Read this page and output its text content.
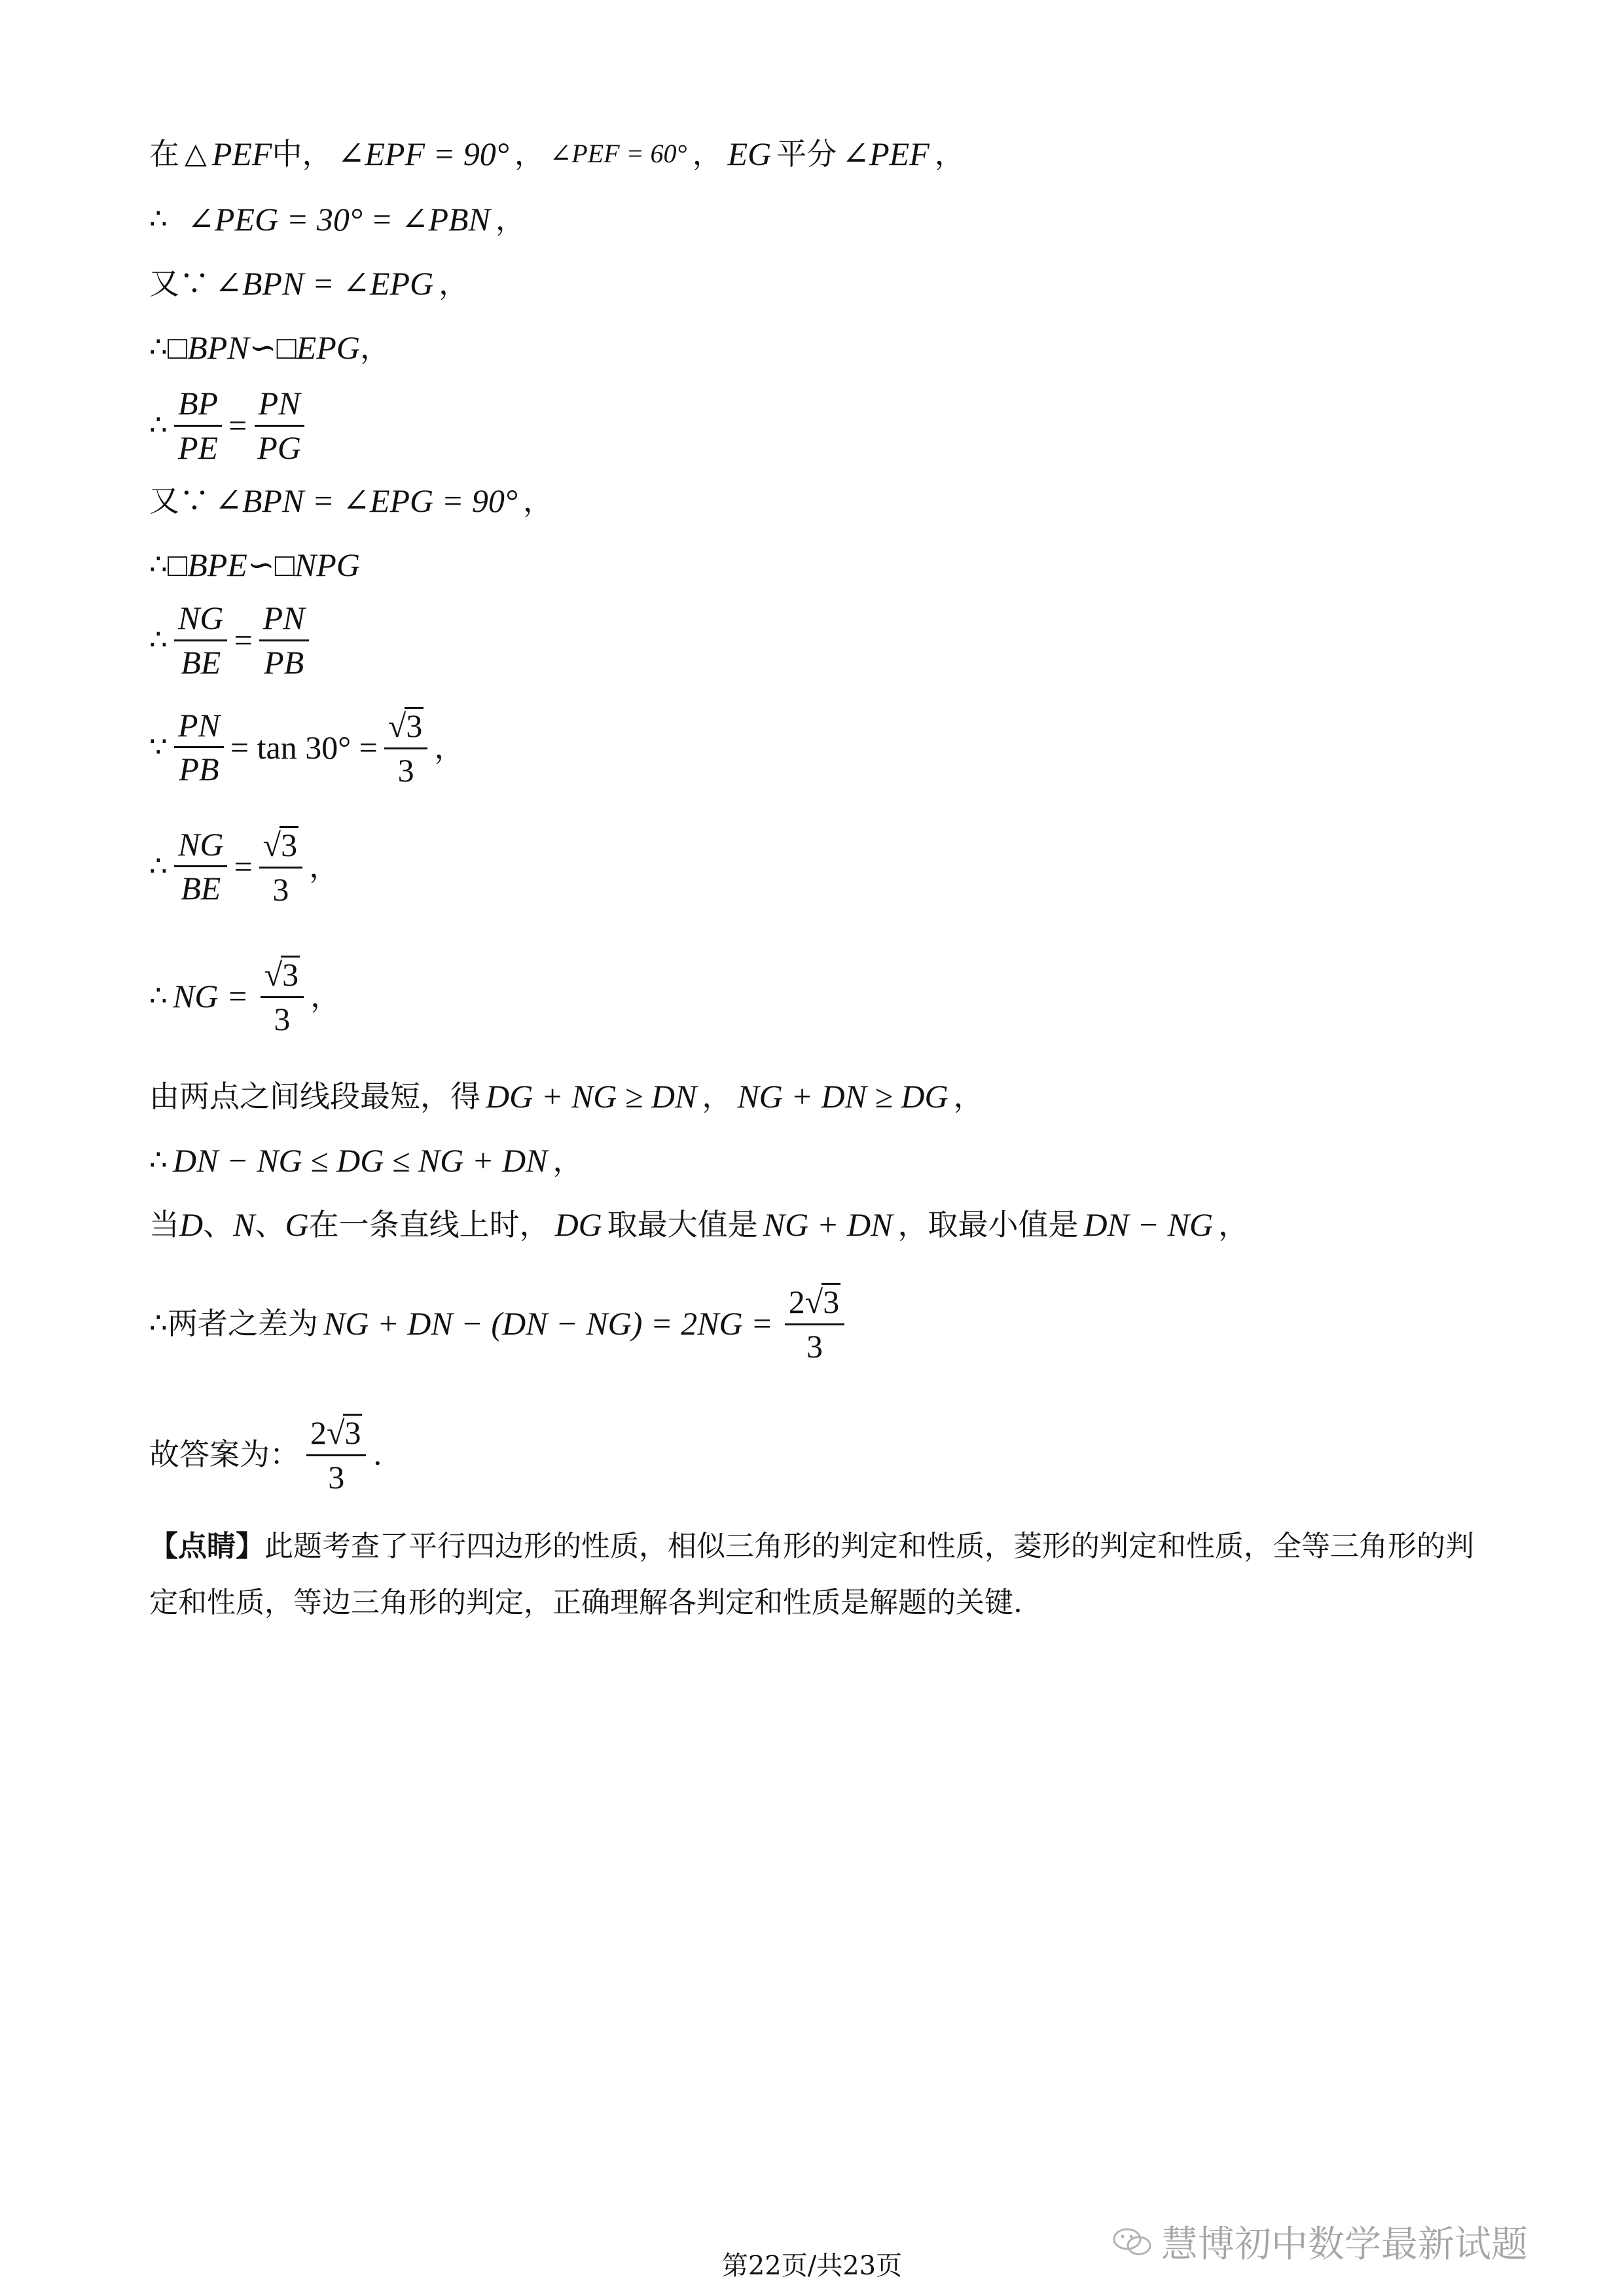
在 △ PEF 中， ∠EPF = 90° ， ∠PEF = 60° ， EG 平分 ∠PEF ，
∴ ∠PEG = 30° = ∠PBN ，
又∵ ∠BPN = ∠EPG ，
∴ □BPN∽□EPG ，
∴ $\frac{BP}{PE} = \frac{PN}{PG}$
又∵ ∠BPN = ∠EPG = 90° ，
∴ □BPE∽□NPG
∴ $\frac{NG}{BE} = \frac{PN}{PB}$
∵ $\frac{PN}{PB} = \tan 30^\circ = \frac{√ 3}{3}$ ，
∴ $\frac{NG}{BE} = \frac{√ 3}{3}$ ，
∴ NG = $\frac{√ 3}{3}$ ，
由两点之间线段最短，得 DG + NG ≥ DN ， NG + DN ≥ DG ，
∴ DN − NG ≤ DG ≤ NG + DN ，
当 D 、 N 、 G 在一条直线上时， DG 取最大值是 NG + DN ，取最小值是 DN − NG ，
∴ 两者之差为 NG + DN − $(DN - NG) = 2NG = \frac{2 √ 3}{3}$
故答案为： $\frac{2 √ 3}{3}$ .
【点睛】此题考查了平行四边形的性质，相似三角形的判定和性质，菱形的判定和性质，全等三角形的判定和性质，等边三角形的判定，正确理解各判定和性质是解题的关键.
慧博初中数学最新试题
第22页/共23页
